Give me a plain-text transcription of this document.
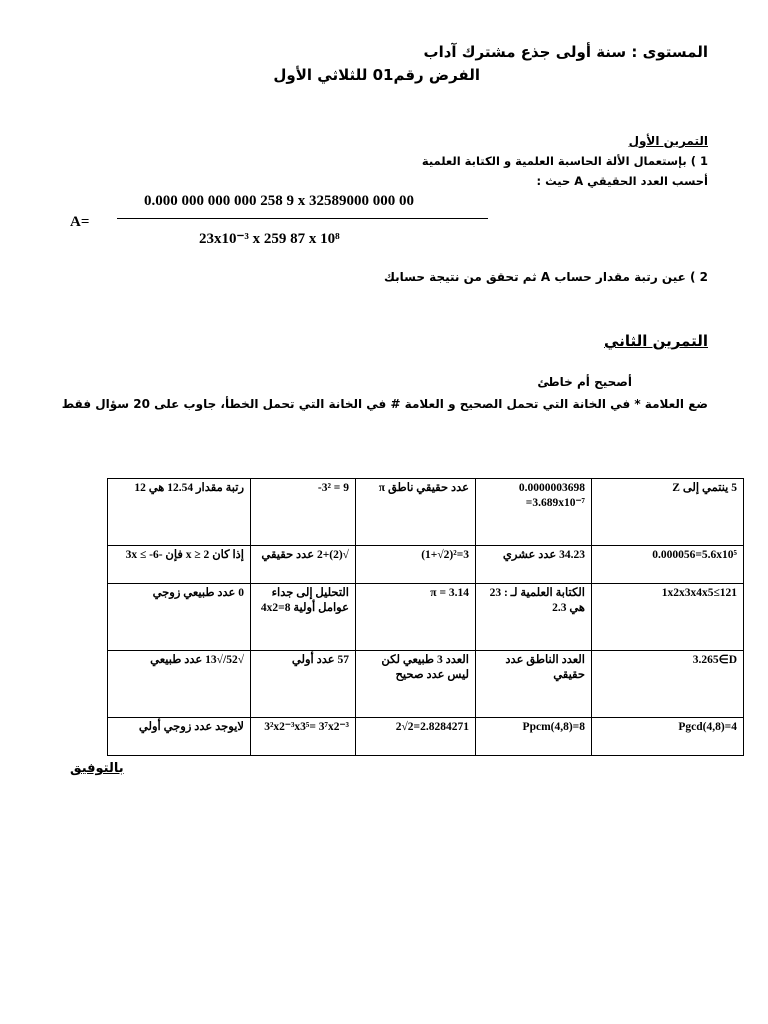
المستوى : سنة أولى جذع مشترك آداب
الفرض رقم01 للثلاثي الأول
التمرين الأول
1 ) بإستعمال الألة الحاسبة العلمية و الكتابة العلمية
أحسب العدد الحقيقي A حيث :
0.000 000 000 000 258 9 x 32589000 000 00
23x10⁻³ x 259 87 x 10⁸
A=
2 ) عين رتبة مقدار حساب A ثم تحقق من نتيجة حسابك
التمرين الثاني
أصحيح أم خاطئ
ضع العلامة * في الخانة التي تحمل الصحيح و العلامة # في الخانة التي تحمل الخطأ، جاوب على 20 سؤال فقط
رتبة مقدار 12.54 هي 12	-3² = 9	π عدد حقيقي ناطق	0.0000003698 =3.689x10⁻⁷	5 ينتمي إلى Z
إذا كان x ≥ 2 فإن -3x ≤ -6	√(2)+2 عدد حقيقي	(1+√2)²=3	34.23 عدد عشري	0.000056=5.6x10⁵
0 عدد طبيعي زوجي	التحليل إلى جداء عوامل أولية 8=4x2	π = 3.14	الكتابة العلمية لـ : 23 هي 2.3	1x2x3x4x5≤121
√52/√13 عدد طبيعي	57 عدد أولي	العدد 3 طبيعي لكن ليس عدد صحيح	العدد الناطق عدد حقيقي	3.265∈D
لايوجد عدد زوجي أولي	3²x2⁻³x3⁵= 3⁷x2⁻³	2√2=2.8284271	Ppcm(4,8)=8	Pgcd(4,8)=4
بالتوفيق
